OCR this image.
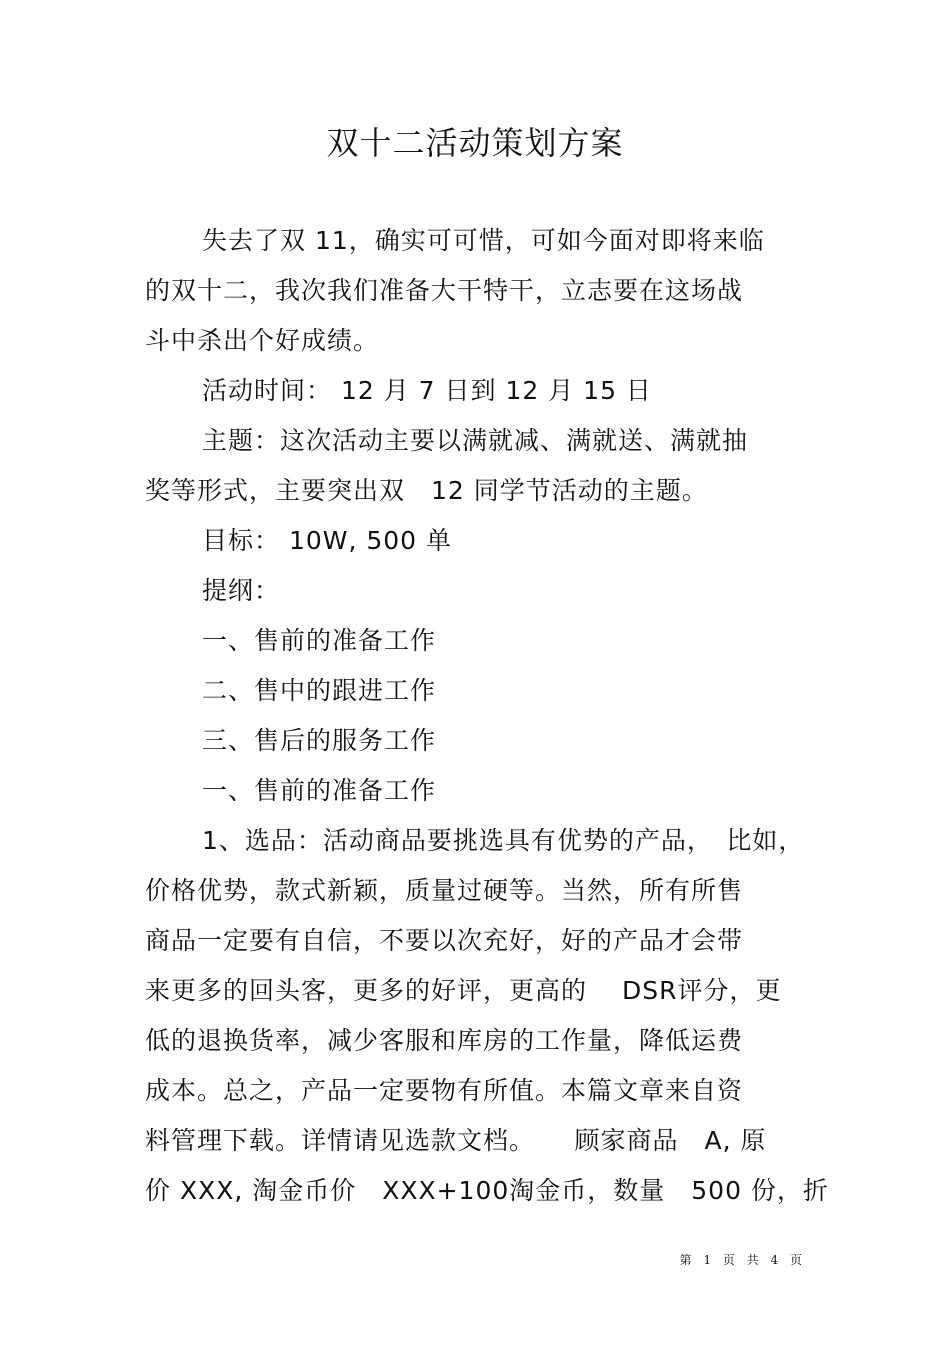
双十二活动策划方案
失去了双 11，确实可可惜，可如今面对即将来临
的双十二，我次我们准备大干特干，立志要在这场战
斗中杀出个好成绩。
活动时间： 12 月 7 日到 12 月 15 日
主题：这次活动主要以满就减、满就送、满就抽
奖等形式，主要突出双　12 同学节活动的主题。
目标： 10W, 500 单
提纲：
一、售前的准备工作
二、售中的跟进工作
三、售后的服务工作
一、售前的准备工作
1、选品：活动商品要挑选具有优势的产品，　比如，
价格优势，款式新颖，质量过硬等。当然，所有所售
商品一定要有自信，不要以次充好，好的产品才会带
来更多的回头客，更多的好评，更高的　 DSR评分，更
低的退换货率，减少客服和库房的工作量，降低运费
成本。总之，产品一定要物有所值。本篇文章来自资
料管理下载。详情请见选款文档。　　顾家商品　A, 原
价 XXX, 淘金币价　XXX+100淘金币，数量　500 份，折
第 1 页 共 4 页
